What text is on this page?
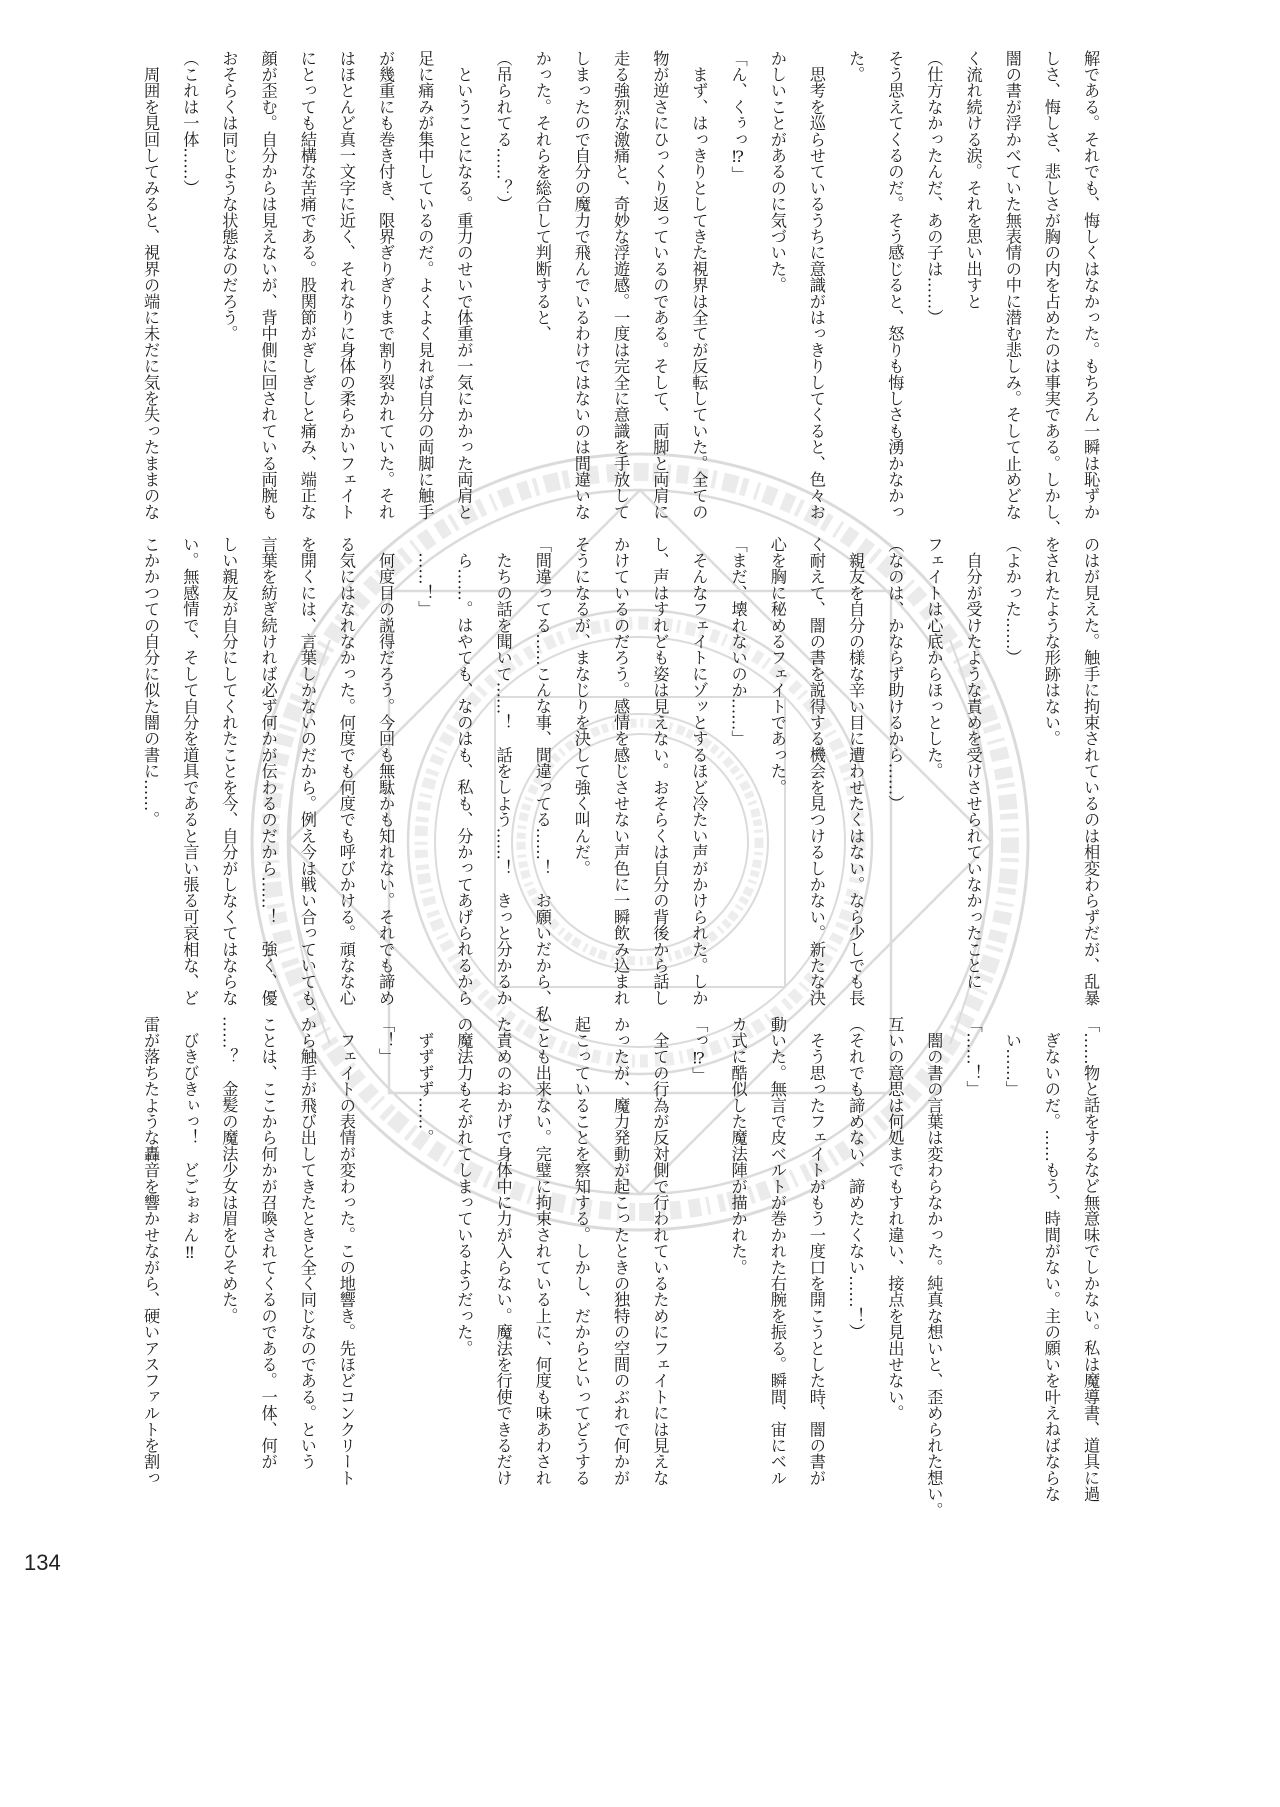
解である。それでも、悔しくはなかった。もちろん一瞬は恥ずか
しさ、悔しさ、悲しさが胸の内を占めたのは事実である。しかし、
闇の書が浮かべていた無表情の中に潜む悲しみ。そして止めどな
く流れ続ける涙。それを思い出すと
（仕方なかったんだ、あの子は……）
そう思えてくるのだ。そう感じると、怒りも悔しさも湧かなかっ
た。
　思考を巡らせているうちに意識がはっきりしてくると、色々お
かしいことがあるのに気づいた。
「ん、くぅっ⁉」
　まず、はっきりとしてきた視界は全てが反転していた。全ての
物が逆さにひっくり返っているのである。そして、両脚と両肩に
走る強烈な激痛と、奇妙な浮遊感。一度は完全に意識を手放して
しまったので自分の魔力で飛んでいるわけではないのは間違いな
かった。それらを総合して判断すると、
（吊られてる……？）
　ということになる。重力のせいで体重が一気にかかった両肩と
足に痛みが集中しているのだ。よくよく見れば自分の両脚に触手
が幾重にも巻き付き、限界ぎりぎりまで割り裂かれていた。それ
はほとんど真一文字に近く、それなりに身体の柔らかいフェイト
にとっても結構な苦痛である。股関節がぎしぎしと痛み、端正な
顔が歪む。自分からは見えないが、背中側に回されている両腕も
おそらくは同じような状態なのだろう。
（これは一体……）
　周囲を見回してみると、視界の端に未だに気を失ったままのな
のはが見えた。触手に拘束されているのは相変わらずだが、乱暴
をされたような形跡はない。
（よかった……）
　自分が受けたような責めを受けさせられていなかったことに
フェイトは心底からほっとした。
（なのは、かならず助けるから……）
　親友を自分の様な辛い目に遭わせたくはない。なら少しでも長
く耐えて、闇の書を説得する機会を見つけるしかない。新たな決
心を胸に秘めるフェイトであった。
「まだ、壊れないのか……」
　そんなフェイトにゾッとするほど冷たい声がかけられた。しか
し、声はすれども姿は見えない。おそらくは自分の背後から話し
かけているのだろう。感情を感じさせない声色に一瞬飲み込まれ
そうになるが、まなじりを決して強く叫んだ。
「間違ってる……こんな事、間違ってる……！　お願いだから、私
　たちの話を聞いて……！　話をしよう……！　きっと分かるか
　ら……。はやても、なのはも、私も、分かってあげられるから
　……！」
　何度目の説得だろう。今回も無駄かも知れない。それでも諦め
る気にはなれなかった。何度でも何度でも呼びかける。頑なな心
を開くには、言葉しかないのだから。例え今は戦い合っていても、
言葉を紡ぎ続ければ必ず何かが伝わるのだから……！　強く、優
しい親友が自分にしてくれたことを今、自分がしなくてはならな
い。無感情で、そして自分を道具であると言い張る可哀相な、ど
こかかつての自分に似た闇の書に……。
「……物と話をするなど無意味でしかない。私は魔導書、道具に過
　ぎないのだ。……もう、時間がない。主の願いを叶えねばならな
　い……」
「……！」
　闇の書の言葉は変わらなかった。純真な想いと、歪められた想い。
互いの意思は何処までもすれ違い、接点を見出せない。
（それでも諦めない、諦めたくない……！）
　そう思ったフェイトがもう一度口を開こうとした時、闇の書が
動いた。無言で皮ベルトが巻かれた右腕を振る。瞬間、宙にベル
カ式に酷似した魔法陣が描かれた。
「っ⁉」
　全ての行為が反対側で行われているためにフェイトには見えな
かったが、魔力発動が起こったときの独特の空間のぶれで何かが
起こっていることを察知する。しかし、だからといってどうする
ことも出来ない。完璧に拘束されている上に、何度も味あわされ
た責めのおかげで身体中に力が入らない。魔法を行使できるだけ
の魔法力もそがれてしまっているようだった。
　ずずずず……。
「！」
　フェイトの表情が変わった。この地響き。先ほどコンクリート
から触手が飛び出してきたときと全く同じなのである。という
ことは、ここから何かが召喚されてくるのである。一体、何が
……？　金髪の魔法少女は眉をひそめた。
　びきびきぃっ！　どごぉぉん‼
雷が落ちたような轟音を響かせながら、硬いアスファルトを割っ
134
